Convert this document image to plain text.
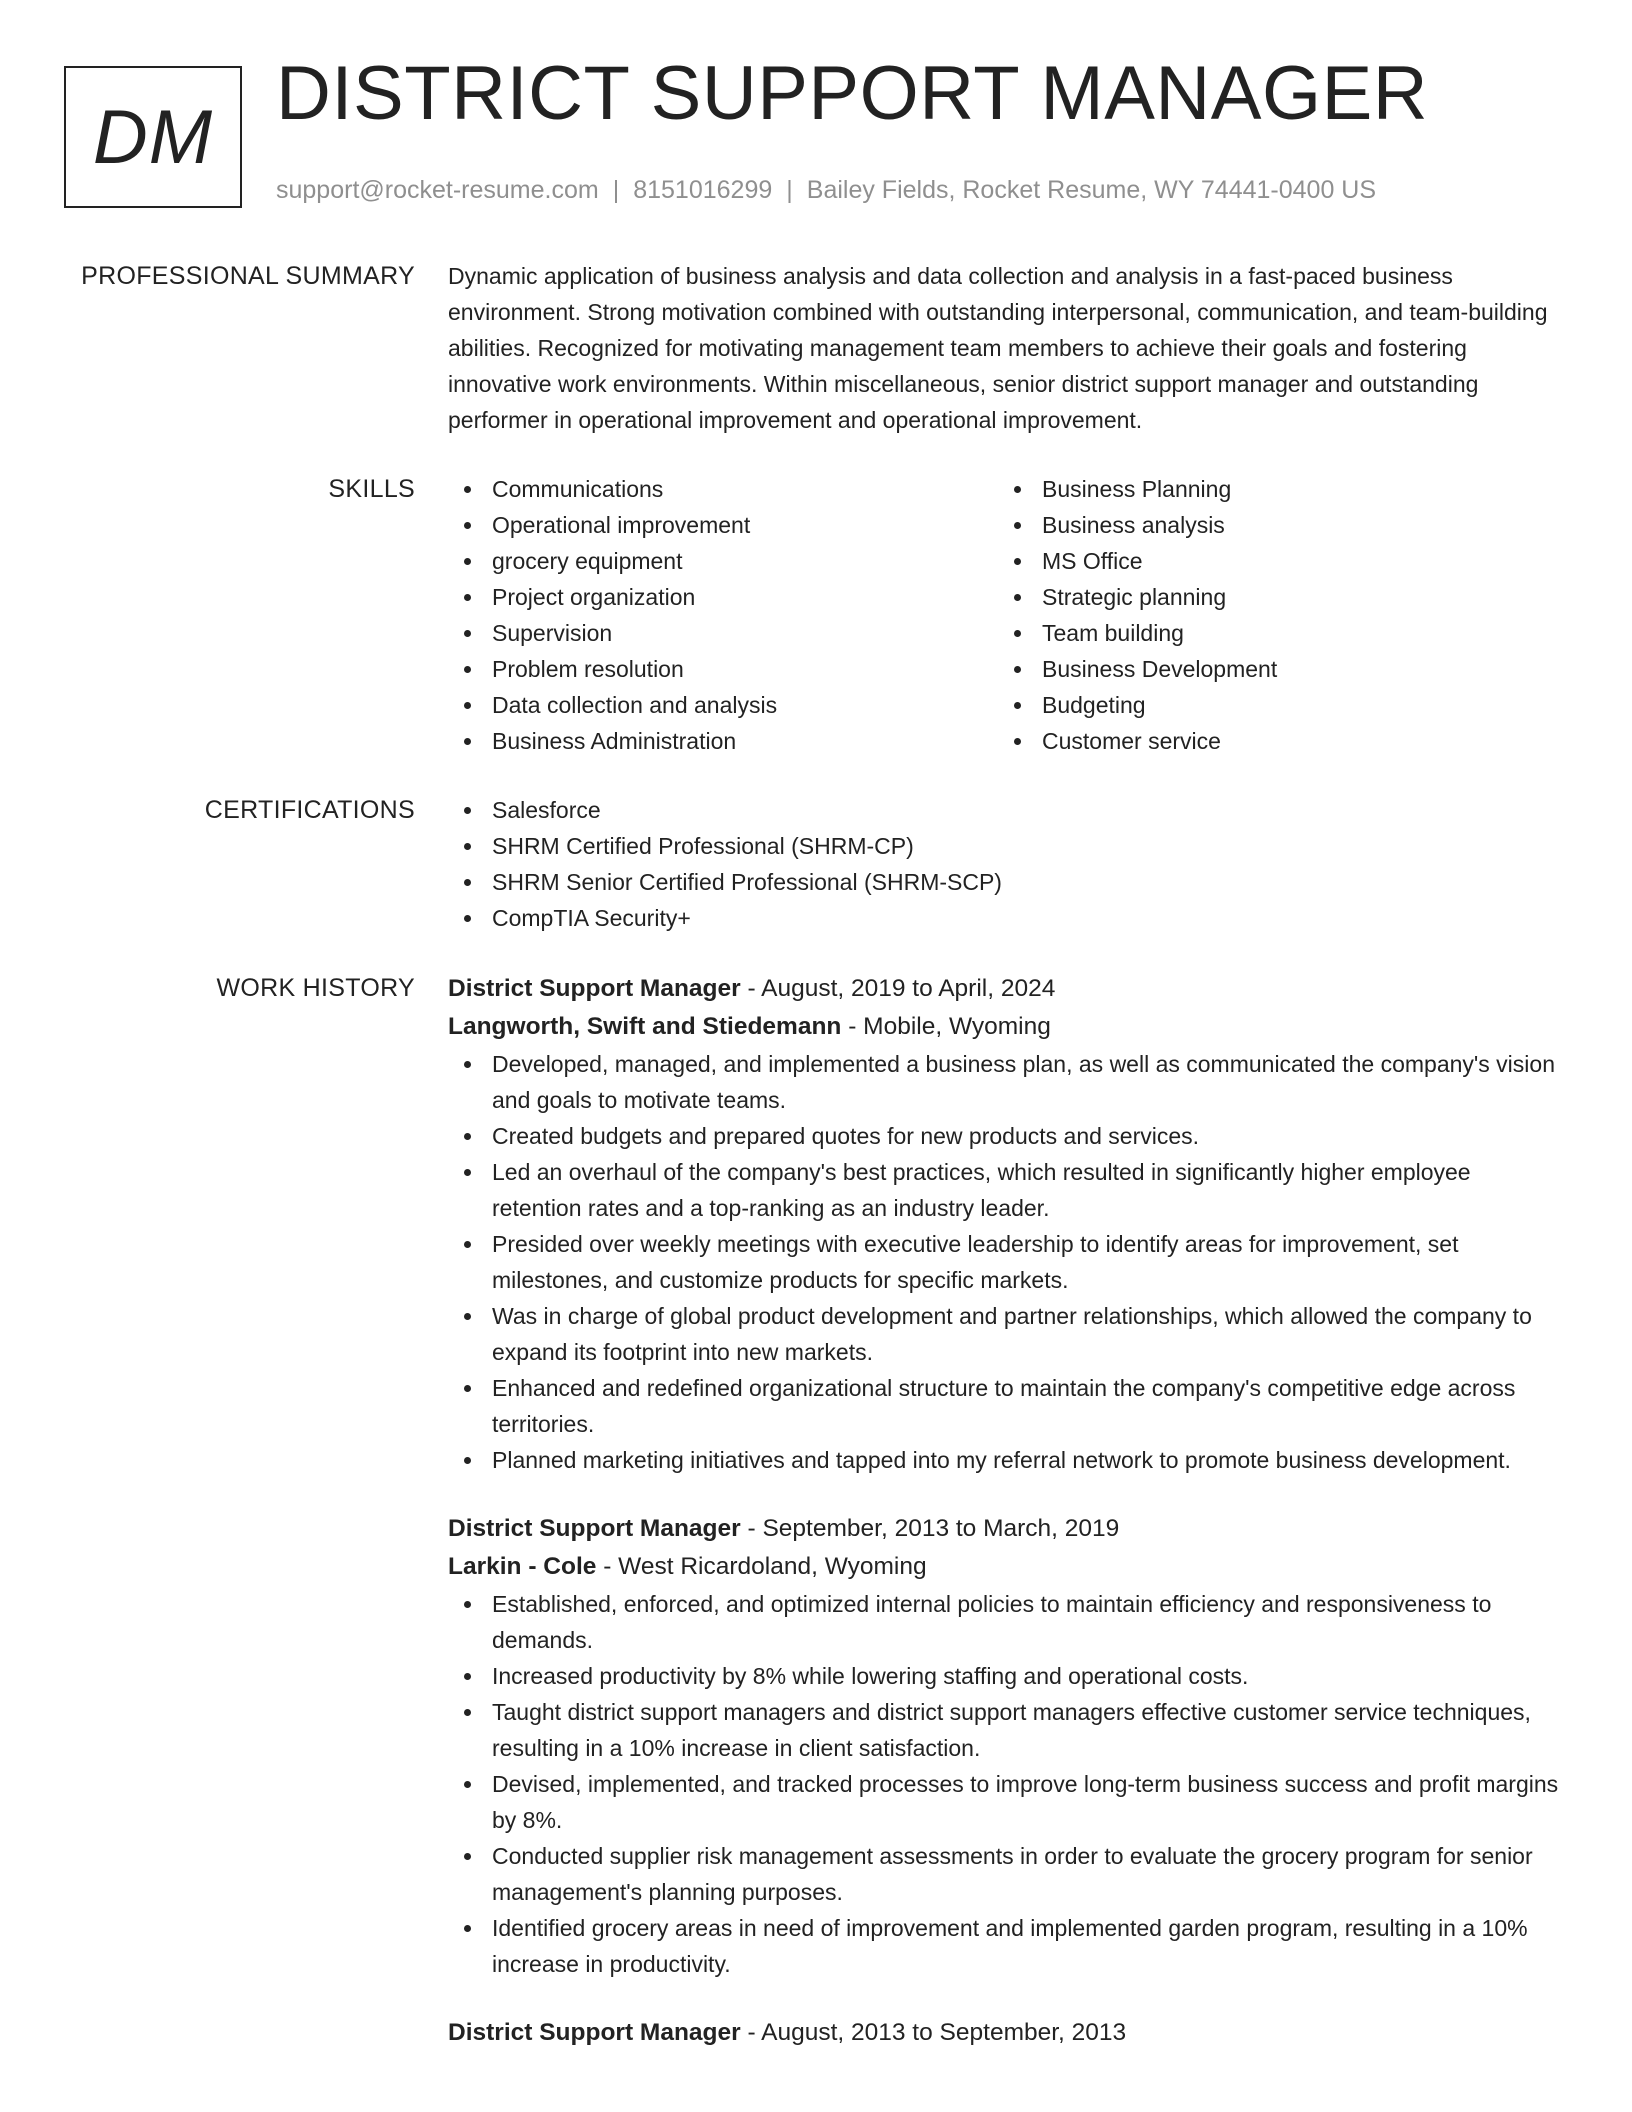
DM
DISTRICT SUPPORT MANAGER
support@rocket-resume.com | 8151016299 | Bailey Fields, Rocket Resume, WY 74441-0400 US
PROFESSIONAL SUMMARY Dynamic application of business analysis and data collection and analysis in a fast-paced business environment. Strong motivation combined with outstanding interpersonal, communication, and team-building abilities. Recognized for motivating management team members to achieve their goals and fostering innovative work environments. Within miscellaneous, senior district support manager and outstanding performer in operational improvement and operational improvement.

SKILLS	Communications
Operational improvement
grocery equipment
Project organization
Supervision
Problem resolution
Data collection and analysis
Business Administration
Business Planning
Business analysis
MS Office
Strategic planning
Team building
Business Development
Budgeting
Customer service
CERTIFICATIONS	Salesforce
SHRM Certified Professional (SHRM-CP)
SHRM Senior Certified Professional (SHRM-SCP)
CompTIA Security+
WORK HISTORY District Support Manager - August, 2019 to April, 2024
Langworth, Swift and Stiedemann - Mobile, Wyoming
Developed, managed, and implemented a business plan, as well as communicated the company's vision and goals to motivate teams.
Created budgets and prepared quotes for new products and services.
Led an overhaul of the company's best practices, which resulted in significantly higher employee retention rates and a top-ranking as an industry leader.
Presided over weekly meetings with executive leadership to identify areas for improvement, set milestones, and customize products for specific markets.
Was in charge of global product development and partner relationships, which allowed the company to expand its footprint into new markets.
Enhanced and redefined organizational structure to maintain the company's competitive edge across territories.
Planned marketing initiatives and tapped into my referral network to promote business development.
District Support Manager - September, 2013 to March, 2019
Larkin - Cole - West Ricardoland, Wyoming
Established, enforced, and optimized internal policies to maintain efficiency and responsiveness to demands.
Increased productivity by 8% while lowering staffing and operational costs.
Taught district support managers and district support managers effective customer service techniques, resulting in a 10% increase in client satisfaction.
Devised, implemented, and tracked processes to improve long-term business success and profit margins by 8%.
Conducted supplier risk management assessments in order to evaluate the grocery program for senior management's planning purposes.
Identified grocery areas in need of improvement and implemented garden program, resulting in a 10% increase in productivity.
District Support Manager - August, 2013 to September, 2013
